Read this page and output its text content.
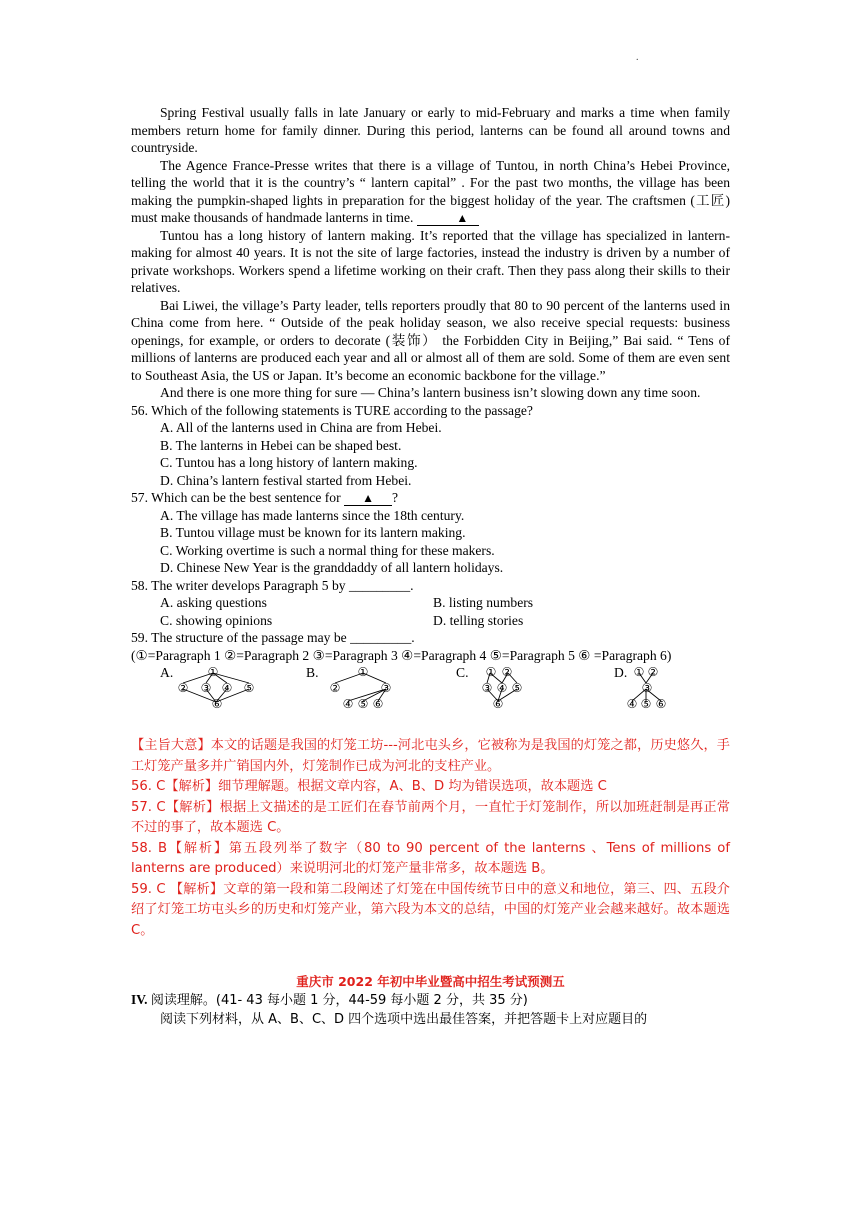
.

Spring Festival usually falls in late January or early to mid-February and marks a time when family members return home for family dinner. During this period, lanterns can be found all around towns and countryside.

The Agence France-Presse writes that there is a village of Tuntou, in north China’s Hebei Province, telling the world that it is the country’s “ lantern capital” . For the past two months, the village has been making the pumpkin-shaped lights in preparation for the biggest holiday of the year. The craftsmen (工匠) must make thousands of handmade lanterns in time.	▲

Tuntou has a long history of lantern making. It’s reported that the village has specialized in lantern-making for almost 40 years. It is not the site of large factories, instead the industry is driven by a number of private workshops. Workers spend a lifetime working on their craft. Then they pass along their skills to their relatives.

Bai Liwei, the village’s Party leader, tells reporters proudly that 80 to 90 percent of the lanterns used in China come from here. “ Outside of the peak holiday season, we also receive special requests: business openings, for example, or orders to decorate (装饰） the Forbidden City in Beijing,” Bai said. “ Tens of millions of lanterns are produced each year and all or almost all of them are sold. Some of them are even sent to Southeast Asia, the US or Japan. It’s become an economic backbone for the village.”

And there is one more thing for sure — China’s lantern business isn’t slowing down any time soon.

56. Which of the following statements is TURE according to the passage?

A. All of the lanterns used in China are from Hebei.

B. The lanterns in Hebei can be shaped best.

C. Tuntou has a long history of lantern making.

D. China’s lantern festival started from Hebei.

57. Which can be the best sentence for ▲ ?

A. The village has made lanterns since the 18th century.

B. Tuntou village must be known for its lantern making.

C. Working overtime is such a normal thing for these makers.

D. Chinese New Year is the granddaddy of all lantern holidays.

58. The writer develops Paragraph 5 by _________.

A. asking questions	B. listing numbers
C. showing opinions	D. telling stories

59. The structure of the passage may be _________.

(①=Paragraph 1 ②=Paragraph 2 ③=Paragraph 3 ④=Paragraph 4 ⑤=Paragraph 5 ⑥ =Paragraph 6)

A.	①
② ③ ④ ⑤
⑥
B.	①
②	③
④ ⑤ ⑥
C. ① ②
③ ④ ⑤
⑥
D. ① ②
③
④ ⑤ ⑥

【主旨大意】本文的话题是我国的灯笼工坊---河北屯头乡，它被称为是我国的灯笼之都，历史悠久，手工灯笼产量多并广销国内外，灯笼制作已成为河北的支柱产业。

56. C【解析】细节理解题。根据文章内容，A、B、D 均为错误选项，故本题选 C

57. C【解析】根据上文描述的是工匠们在春节前两个月，一直忙于灯笼制作，所以加班赶制是再正常不过的事了，故本题选 C。

58. B【解析】第五段列举了数字（80 to 90 percent of the lanterns 、Tens of millions of lanterns are produced）来说明河北的灯笼产量非常多，故本题选 B。

59. C 【解析】文章的第一段和第二段阐述了灯笼在中国传统节日中的意义和地位，第三、四、五段介绍了灯笼工坊屯头乡的历史和灯笼产业，第六段为本文的总结，中国的灯笼产业会越来越好。故本题选 C。

重庆市 2022 年初中毕业暨高中招生考试预测五

IV. 阅读理解。(41- 43 每小题 1 分，44-59 每小题 2 分，共 35 分)

阅读下列材料，从 A、B、C、D 四个选项中选出最佳答案，并把答题卡上对应题目的
